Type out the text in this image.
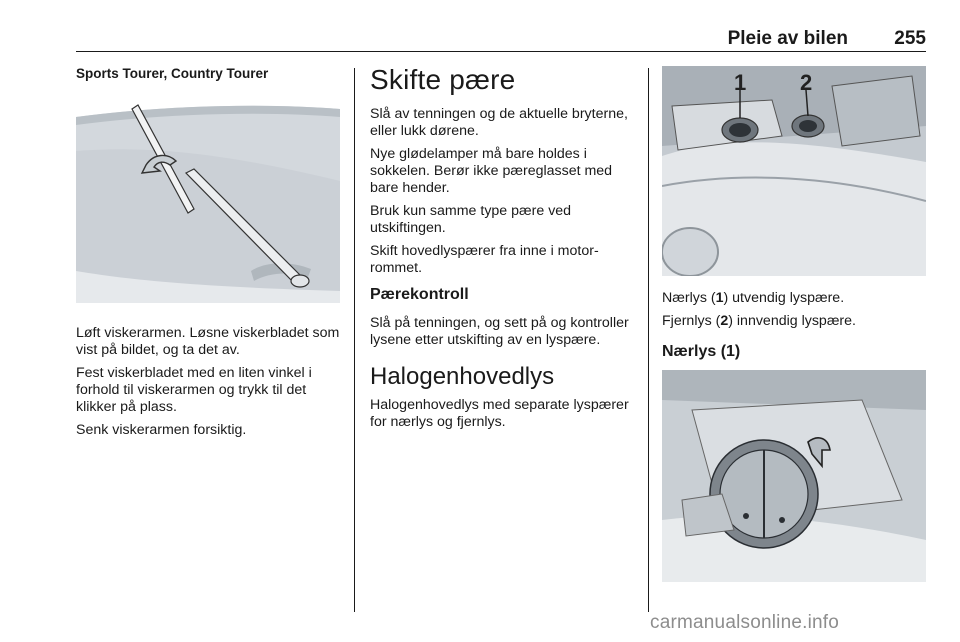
Pleie av bilen 255
Sports Tourer, Country Tourer

Løft viskerarmen. Løsne viskerbladet som vist på bildet, og ta det av.

Fest viskerbladet med en liten vinkel i forhold til viskerarmen og trykk til det klikker på plass.

Senk viskerarmen forsiktig.

Skifte pære

Slå av tenningen og de aktuelle bryterne, eller lukk dørene.

Nye glødelamper må bare holdes i sokkelen. Berør ikke pæreglasset med bare hender.

Bruk kun samme type pære ved utskiftingen.

Skift hovedlyspærer fra inne i motorrommet.

Pærekontroll

Slå på tenningen, og sett på og kontroller lysene etter utskifting av en lyspære.

Halogenhovedlys

Halogenhovedlys med separate lyspærer for nærlys og fjernlys.

1 2

Nærlys (1) utvendig lyspære.

Fjernlys (2) innvendig lyspære.

Nærlys (1)
carmanualsonline.info
